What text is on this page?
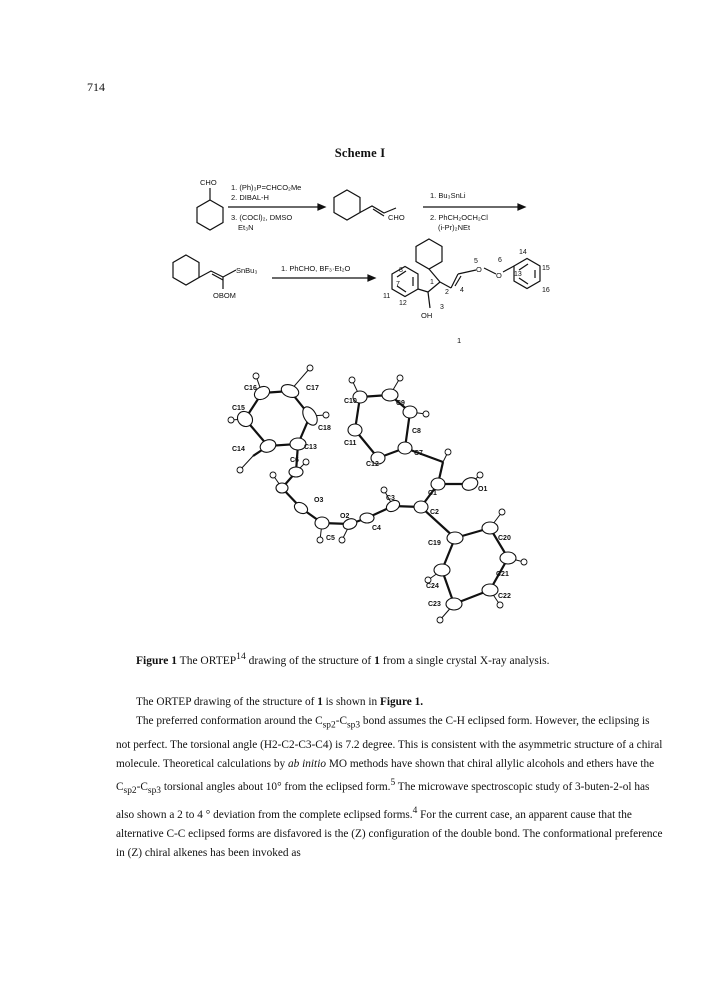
714
Scheme I
CHO
1. (Ph)₃P=CHCO₂Me
2. DIBAL-H
3. (COCl)₂, DMSO
Et₃N
CHO
1. Bu₃SnLi
2. PhCH₂OCH₂Cl
(i-Pr)₂NEt
SnBu₃
OBOM
1. PhCHO, BF₃·Et₂O	O
O
OH
1
2
3
4
5	6
7
8
11
12
13
14
15
16
1
C16	C17
C15
C18
C14	C13
C6
O3
O2
C5
C4
C3
C2
C1
O1
C10	C9
C8
C11
C7
C12
C19
C20
C21
C22
C23
C24
Figure 1 The ORTEP$^{14}$ drawing of the structure of 1 from a single crystal X-ray analysis.

The ORTEP drawing of the structure of 1 is shown in Figure 1.

The preferred conformation around the $C_{sp2}-C_{sp3}$ bond assumes the C-H eclipsed form. However, the eclipsing is not perfect. The torsional angle (H2-C2-C3-C4) is 7.2 degree. This is consistent with the asymmetric structure of a chiral molecule. Theoretical calculations by ab initio MO methods have shown that chiral allylic alcohols and ethers have the $C_{sp2}-C_{sp3}$ torsional angles about 10° from the eclipsed form.$^5$ The microwave spectroscopic study of 3-buten-2-ol has also shown a 2 to 4 ° deviation from the complete eclipsed forms.$^4$ For the current case, an apparent cause that the alternative C-C eclipsed forms are disfavored is the (Z) configuration of the double bond. The conformational preference in (Z) chiral alkenes has been invoked as
